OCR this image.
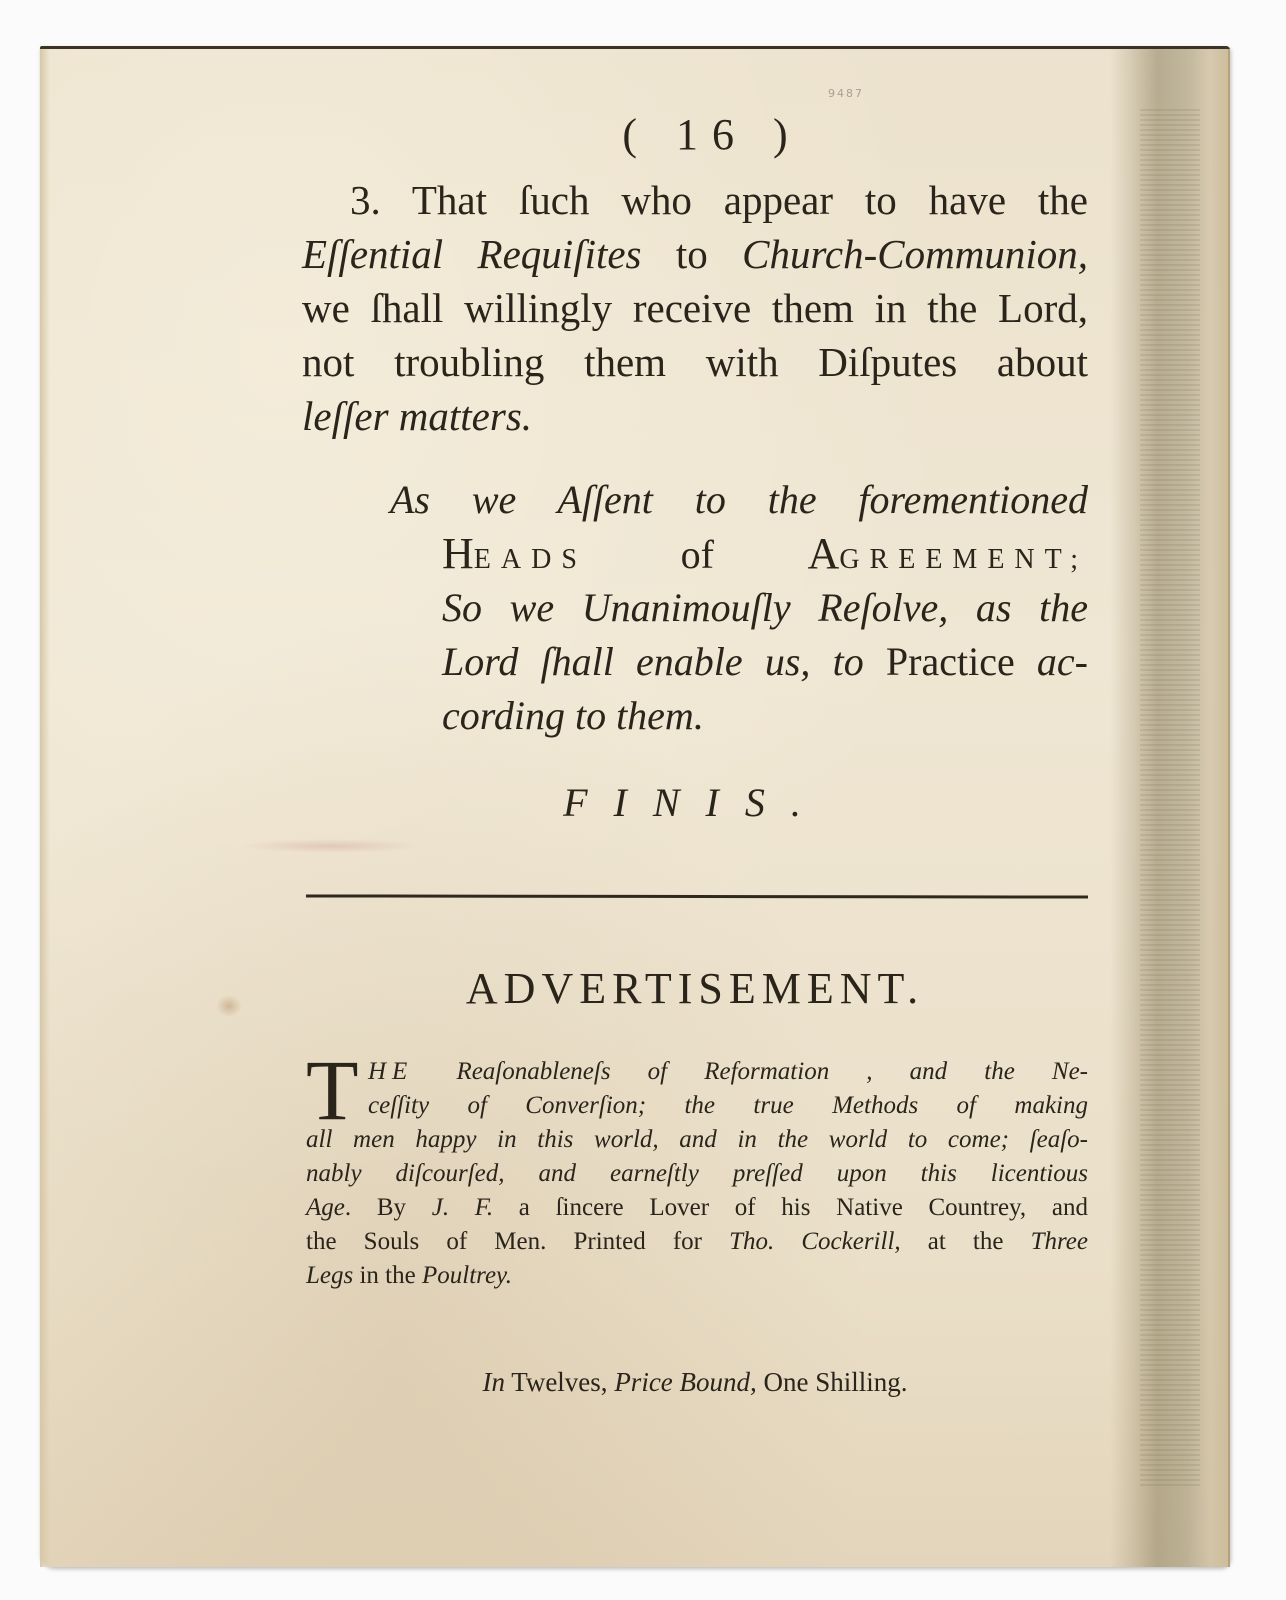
9487
( 16 )
3. That ſuch who appear to have the
Eſſential Requiſites to Church-Communion,
we ſhall willingly receive them in the Lord,
not troubling them with Diſputes about
leſſer matters.
As we Aſſent to the forementioned
HEADS of AGREEMENT;
So we Unanimouſly Reſolve, as the
Lord ſhall enable us, to Practice ac-
cording to them.
FINIS.
ADVERTISEMENT.
T HE Reaſonableneſs of Reformation , and the Ne-
ceſſity of Converſion; the true Methods of making
all men happy in this world, and in the world to come; ſeaſo-
nably diſcourſed, and earneſtly preſſed upon this licentious
Age. By J. F. a ſincere Lover of his Native Countrey, and
the Souls of Men. Printed for Tho. Cockerill, at the Three
Legs in the Poultrey.
In Twelves, Price Bound, One Shilling.
